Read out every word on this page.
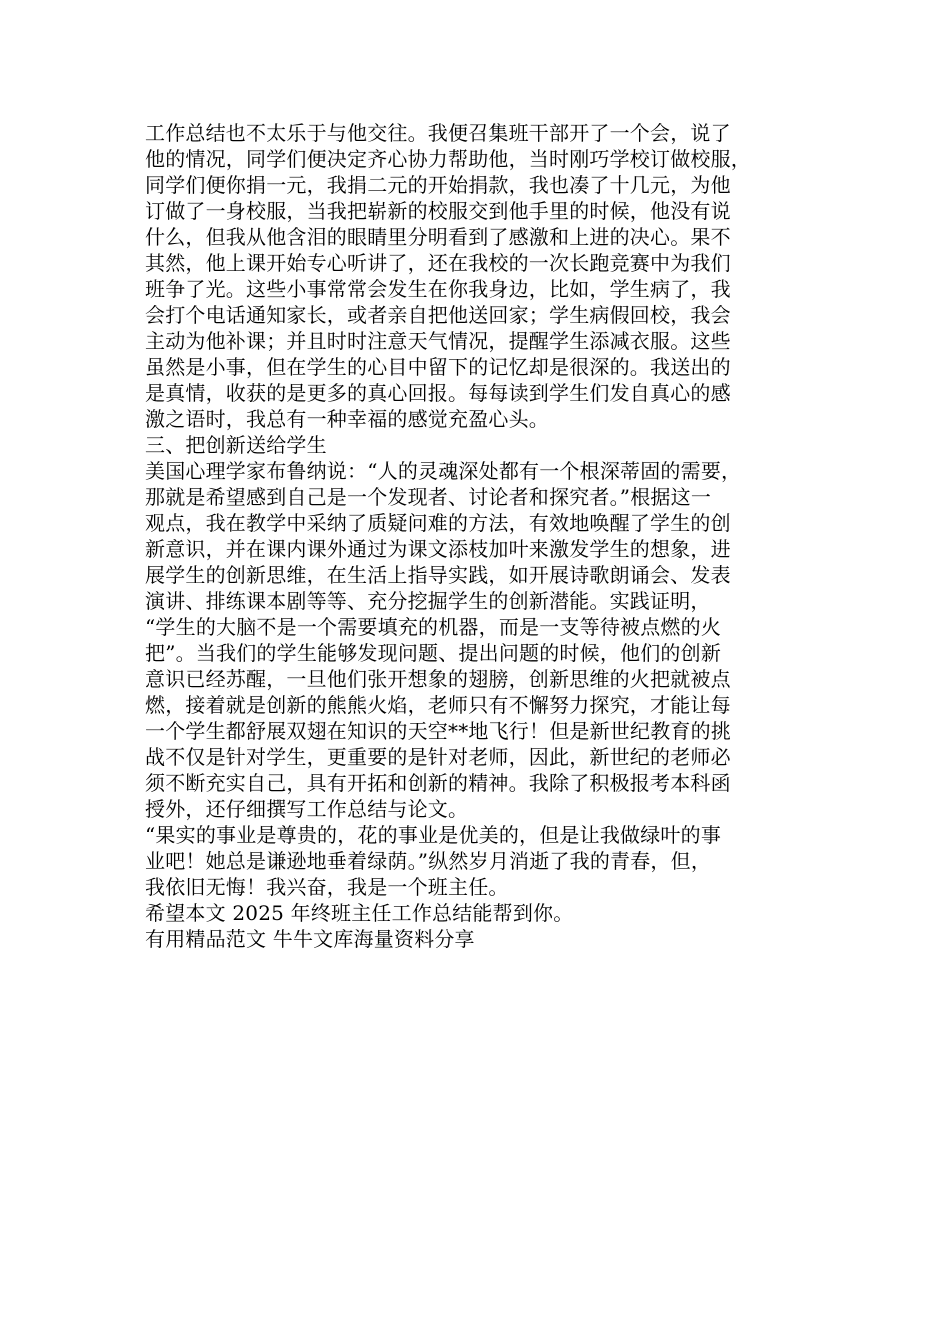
工作总结也不太乐于与他交往。我便召集班干部开了一个会，说了
他的情况，同学们便决定齐心协力帮助他，当时刚巧学校订做校服，
同学们便你捐一元，我捐二元的开始捐款，我也凑了十几元，为他
订做了一身校服，当我把崭新的校服交到他手里的时候，他没有说
什么，但我从他含泪的眼睛里分明看到了感激和上进的决心。果不
其然，他上课开始专心听讲了，还在我校的一次长跑竞赛中为我们
班争了光。这些小事常常会发生在你我身边，比如，学生病了，我
会打个电话通知家长，或者亲自把他送回家；学生病假回校，我会
主动为他补课；并且时时注意天气情况，提醒学生添减衣服。这些
虽然是小事，但在学生的心目中留下的记忆却是很深的。我送出的
是真情，收获的是更多的真心回报。每每读到学生们发自真心的感
激之语时，我总有一种幸福的感觉充盈心头。
三、把创新送给学生
美国心理学家布鲁纳说：“人的灵魂深处都有一个根深蒂固的需要，
那就是希望感到自己是一个发现者、讨论者和探究者。”根据这一
观点，我在教学中采纳了质疑问难的方法，有效地唤醒了学生的创
新意识，并在课内课外通过为课文添枝加叶来激发学生的想象，进
展学生的创新思维，在生活上指导实践，如开展诗歌朗诵会、发表
演讲、排练课本剧等等、充分挖掘学生的创新潜能。实践证明，
“学生的大脑不是一个需要填充的机器，而是一支等待被点燃的火
把”。当我们的学生能够发现问题、提出问题的时候，他们的创新
意识已经苏醒，一旦他们张开想象的翅膀，创新思维的火把就被点
燃，接着就是创新的熊熊火焰，老师只有不懈努力探究，才能让每
一个学生都舒展双翅在知识的天空**地飞行！但是新世纪教育的挑
战不仅是针对学生，更重要的是针对老师，因此，新世纪的老师必
须不断充实自己，具有开拓和创新的精神。我除了积极报考本科函
授外，还仔细撰写工作总结与论文。
“果实的事业是尊贵的，花的事业是优美的，但是让我做绿叶的事
业吧！她总是谦逊地垂着绿荫。”纵然岁月消逝了我的青春，但，
我依旧无悔！我兴奋，我是一个班主任。
希望本文 2025 年终班主任工作总结能帮到你。
有用精品范文 牛牛文库海量资料分享
